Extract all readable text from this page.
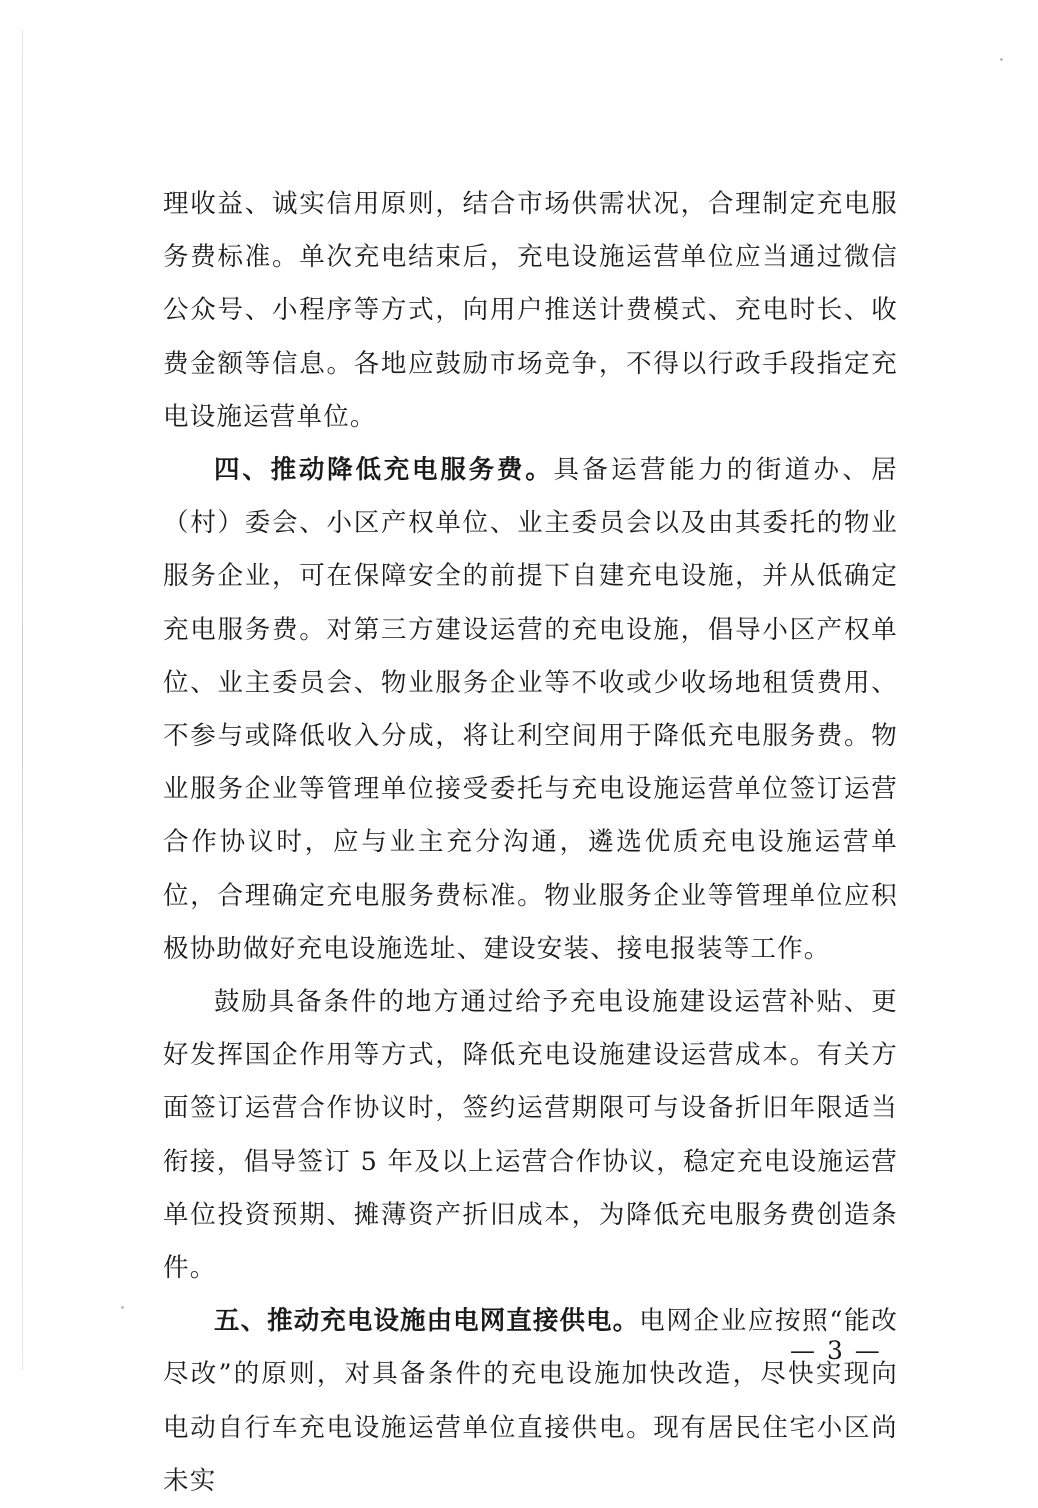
理收益、诚实信用原则，结合市场供需状况，合理制定充电服务费标准。单次充电结束后，充电设施运营单位应当通过微信公众号、小程序等方式，向用户推送计费模式、充电时长、收费金额等信息。各地应鼓励市场竞争，不得以行政手段指定充电设施运营单位。

四、推动降低充电服务费。具备运营能力的街道办、居（村）委会、小区产权单位、业主委员会以及由其委托的物业服务企业，可在保障安全的前提下自建充电设施，并从低确定充电服务费。对第三方建设运营的充电设施，倡导小区产权单位、业主委员会、物业服务企业等不收或少收场地租赁费用、不参与或降低收入分成，将让利空间用于降低充电服务费。物业服务企业等管理单位接受委托与充电设施运营单位签订运营合作协议时，应与业主充分沟通，遴选优质充电设施运营单位，合理确定充电服务费标准。物业服务企业等管理单位应积极协助做好充电设施选址、建设安装、接电报装等工作。

鼓励具备条件的地方通过给予充电设施建设运营补贴、更好发挥国企作用等方式，降低充电设施建设运营成本。有关方面签订运营合作协议时，签约运营期限可与设备折旧年限适当衔接，倡导签订 5 年及以上运营合作协议，稳定充电设施运营单位投资预期、摊薄资产折旧成本，为降低充电服务费创造条件。

五、推动充电设施由电网直接供电。电网企业应按照“能改尽改”的原则，对具备条件的充电设施加快改造，尽快实现向电动自行车充电设施运营单位直接供电。现有居民住宅小区尚未实

— 3 —
